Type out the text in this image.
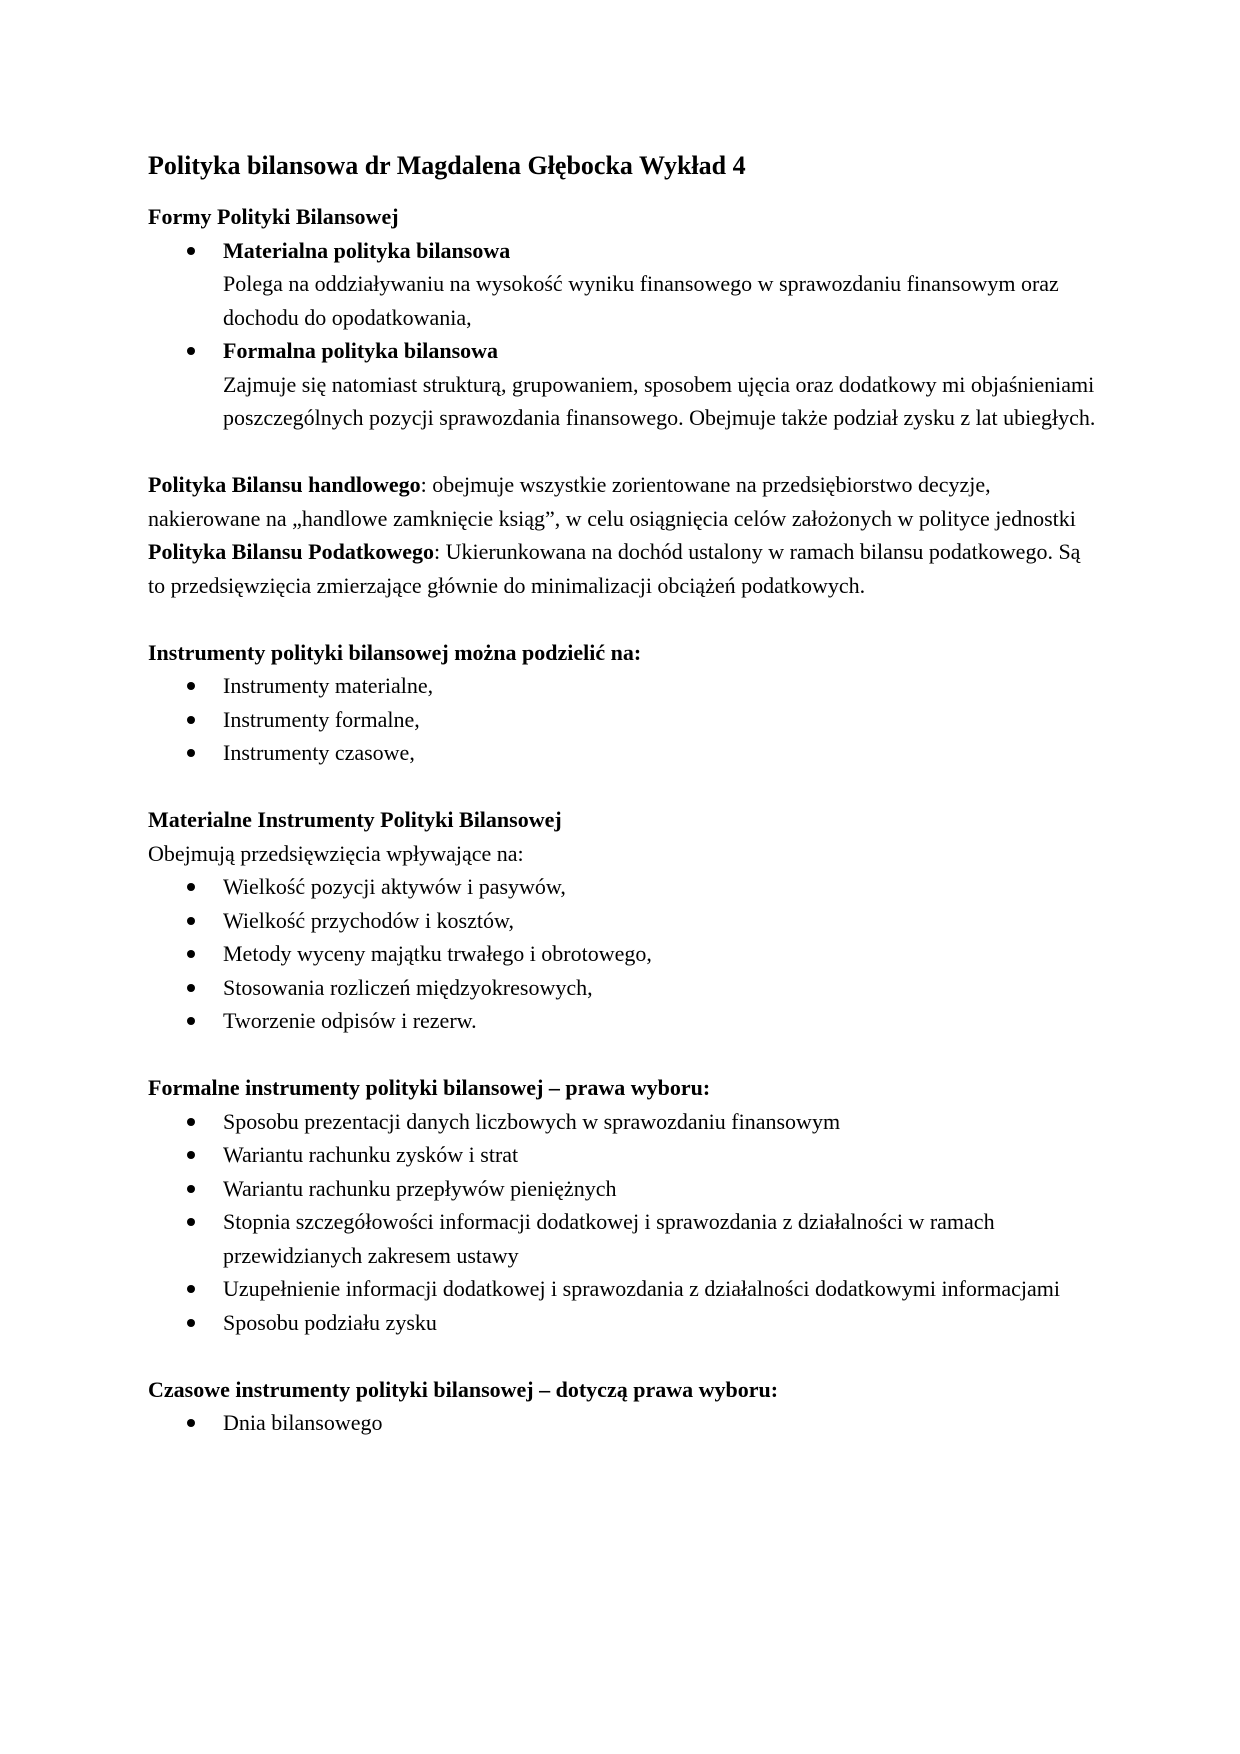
Polityka bilansowa dr Magdalena Głębocka Wykład 4

Formy Polityki Bilansowej

Materialna polityka bilansowa
Polega na oddziaływaniu na wysokość wyniku finansowego w sprawozdaniu finansowym oraz dochodu do opodatkowania,
Formalna polityka bilansowa
Zajmuje się natomiast strukturą, grupowaniem, sposobem ujęcia oraz dodatkowy mi objaśnieniami poszczególnych pozycji sprawozdania finansowego. Obejmuje także podział zysku z lat ubiegłych.

Polityka Bilansu handlowego: obejmuje wszystkie zorientowane na przedsiębiorstwo decyzje, nakierowane na „handlowe zamknięcie ksiąg”, w celu osiągnięcia celów założonych w polityce jednostki

Polityka Bilansu Podatkowego: Ukierunkowana na dochód ustalony w ramach bilansu podatkowego. Są to przedsięwzięcia zmierzające głównie do minimalizacji obciążeń podatkowych.

Instrumenty polityki bilansowej można podzielić na:

Instrumenty materialne,
Instrumenty formalne,
Instrumenty czasowe,

Materialne Instrumenty Polityki Bilansowej

Obejmują przedsięwzięcia wpływające na:

Wielkość pozycji aktywów i pasywów,
Wielkość przychodów i kosztów,
Metody wyceny majątku trwałego i obrotowego,
Stosowania rozliczeń międzyokresowych,
Tworzenie odpisów i rezerw.

Formalne instrumenty polityki bilansowej – prawa wyboru:

Sposobu prezentacji danych liczbowych w sprawozdaniu finansowym
Wariantu rachunku zysków i strat
Wariantu rachunku przepływów pieniężnych
Stopnia szczegółowości informacji dodatkowej i sprawozdania z działalności w ramach przewidzianych zakresem ustawy
Uzupełnienie informacji dodatkowej i sprawozdania z działalności dodatkowymi informacjami
Sposobu podziału zysku

Czasowe instrumenty polityki bilansowej – dotyczą prawa wyboru:

Dnia bilansowego
